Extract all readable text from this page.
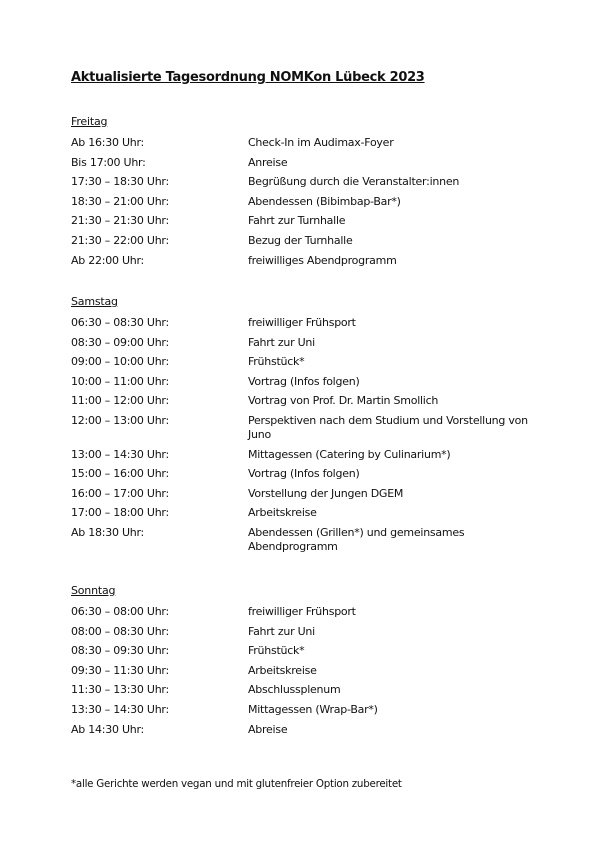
Aktualisierte Tagesordnung NOMKon Lübeck 2023
Freitag
Ab 16:30 Uhr:	Check-In im Audimax-Foyer
Bis 17:00 Uhr:	Anreise
17:30 – 18:30 Uhr:	Begrüßung durch die Veranstalter:innen
18:30 – 21:00 Uhr:	Abendessen (Bibimbap-Bar*)
21:30 – 21:30 Uhr:	Fahrt zur Turnhalle
21:30 – 22:00 Uhr:	Bezug der Turnhalle
Ab 22:00 Uhr:	freiwilliges Abendprogramm
Samstag
06:30 – 08:30 Uhr:	freiwilliger Frühsport
08:30 – 09:00 Uhr:	Fahrt zur Uni
09:00 – 10:00 Uhr:	Frühstück*
10:00 – 11:00 Uhr:	Vortrag (Infos folgen)
11:00 – 12:00 Uhr:	Vortrag von Prof. Dr. Martin Smollich
12:00 – 13:00 Uhr:	Perspektiven nach dem Studium und Vorstellung von Juno
13:00 – 14:30 Uhr:	Mittagessen (Catering by Culinarium*)
15:00 – 16:00 Uhr:	Vortrag (Infos folgen)
16:00 – 17:00 Uhr:	Vorstellung der Jungen DGEM
17:00 – 18:00 Uhr:	Arbeitskreise
Ab 18:30 Uhr:	Abendessen (Grillen*) und gemeinsames Abendprogramm
Sonntag
06:30 – 08:00 Uhr:	freiwilliger Frühsport
08:00 – 08:30 Uhr:	Fahrt zur Uni
08:30 – 09:30 Uhr:	Frühstück*
09:30 – 11:30 Uhr:	Arbeitskreise
11:30 – 13:30 Uhr:	Abschlussplenum
13:30 – 14:30 Uhr:	Mittagessen (Wrap-Bar*)
Ab 14:30 Uhr:	Abreise
*alle Gerichte werden vegan und mit glutenfreier Option zubereitet
